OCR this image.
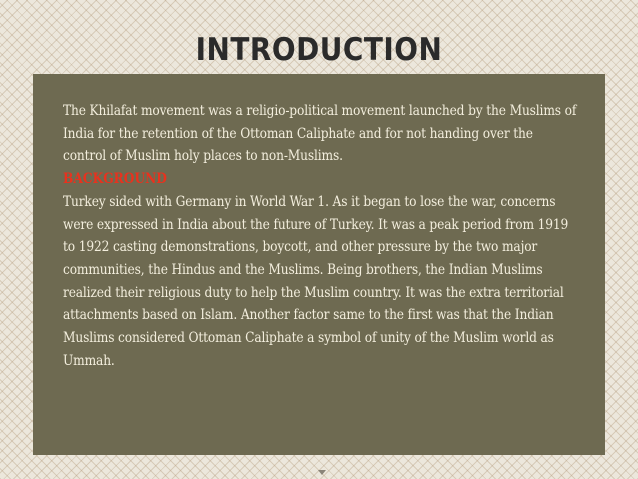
INTRODUCTION

The Khilafat movement was a religio-political movement launched by the Muslims of India for the retention of the Ottoman Caliphate and for not handing over the control of Muslim holy places to non-Muslims.

BACKGROUND

Turkey sided with Germany in World War 1. As it began to lose the war, concerns were expressed in India about the future of Turkey. It was a peak period from 1919 to 1922 casting demonstrations, boycott, and other pressure by the two major communities, the Hindus and the Muslims. Being brothers, the Indian Muslims realized their religious duty to help the Muslim country. It was the extra territorial attachments based on Islam. Another factor same to the first was that the Indian Muslims considered Ottoman Caliphate a symbol of unity of the Muslim world as Ummah.
